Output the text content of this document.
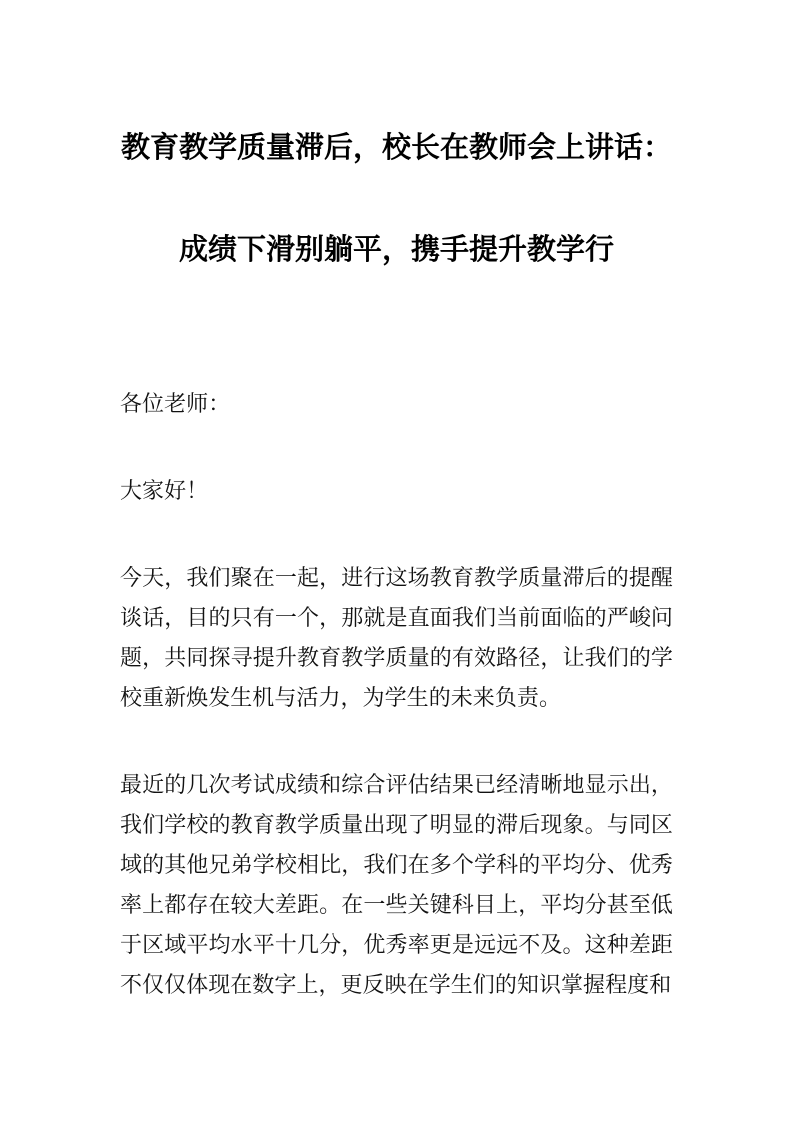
教育教学质量滞后，校长在教师会上讲话：
成绩下滑别躺平，携手提升教学行

各位老师：

大家好！

今天，我们聚在一起，进行这场教育教学质量滞后的提醒谈话，目的只有一个，那就是直面我们当前面临的严峻问题，共同探寻提升教育教学质量的有效路径，让我们的学校重新焕发生机与活力，为学生的未来负责。

最近的几次考试成绩和综合评估结果已经清晰地显示出，我们学校的教育教学质量出现了明显的滞后现象。与同区域的其他兄弟学校相比，我们在多个学科的平均分、优秀率上都存在较大差距。在一些关键科目上，平均分甚至低于区域平均水平十几分，优秀率更是远远不及。这种差距不仅仅体现在数字上，更反映在学生们的知识掌握程度和
